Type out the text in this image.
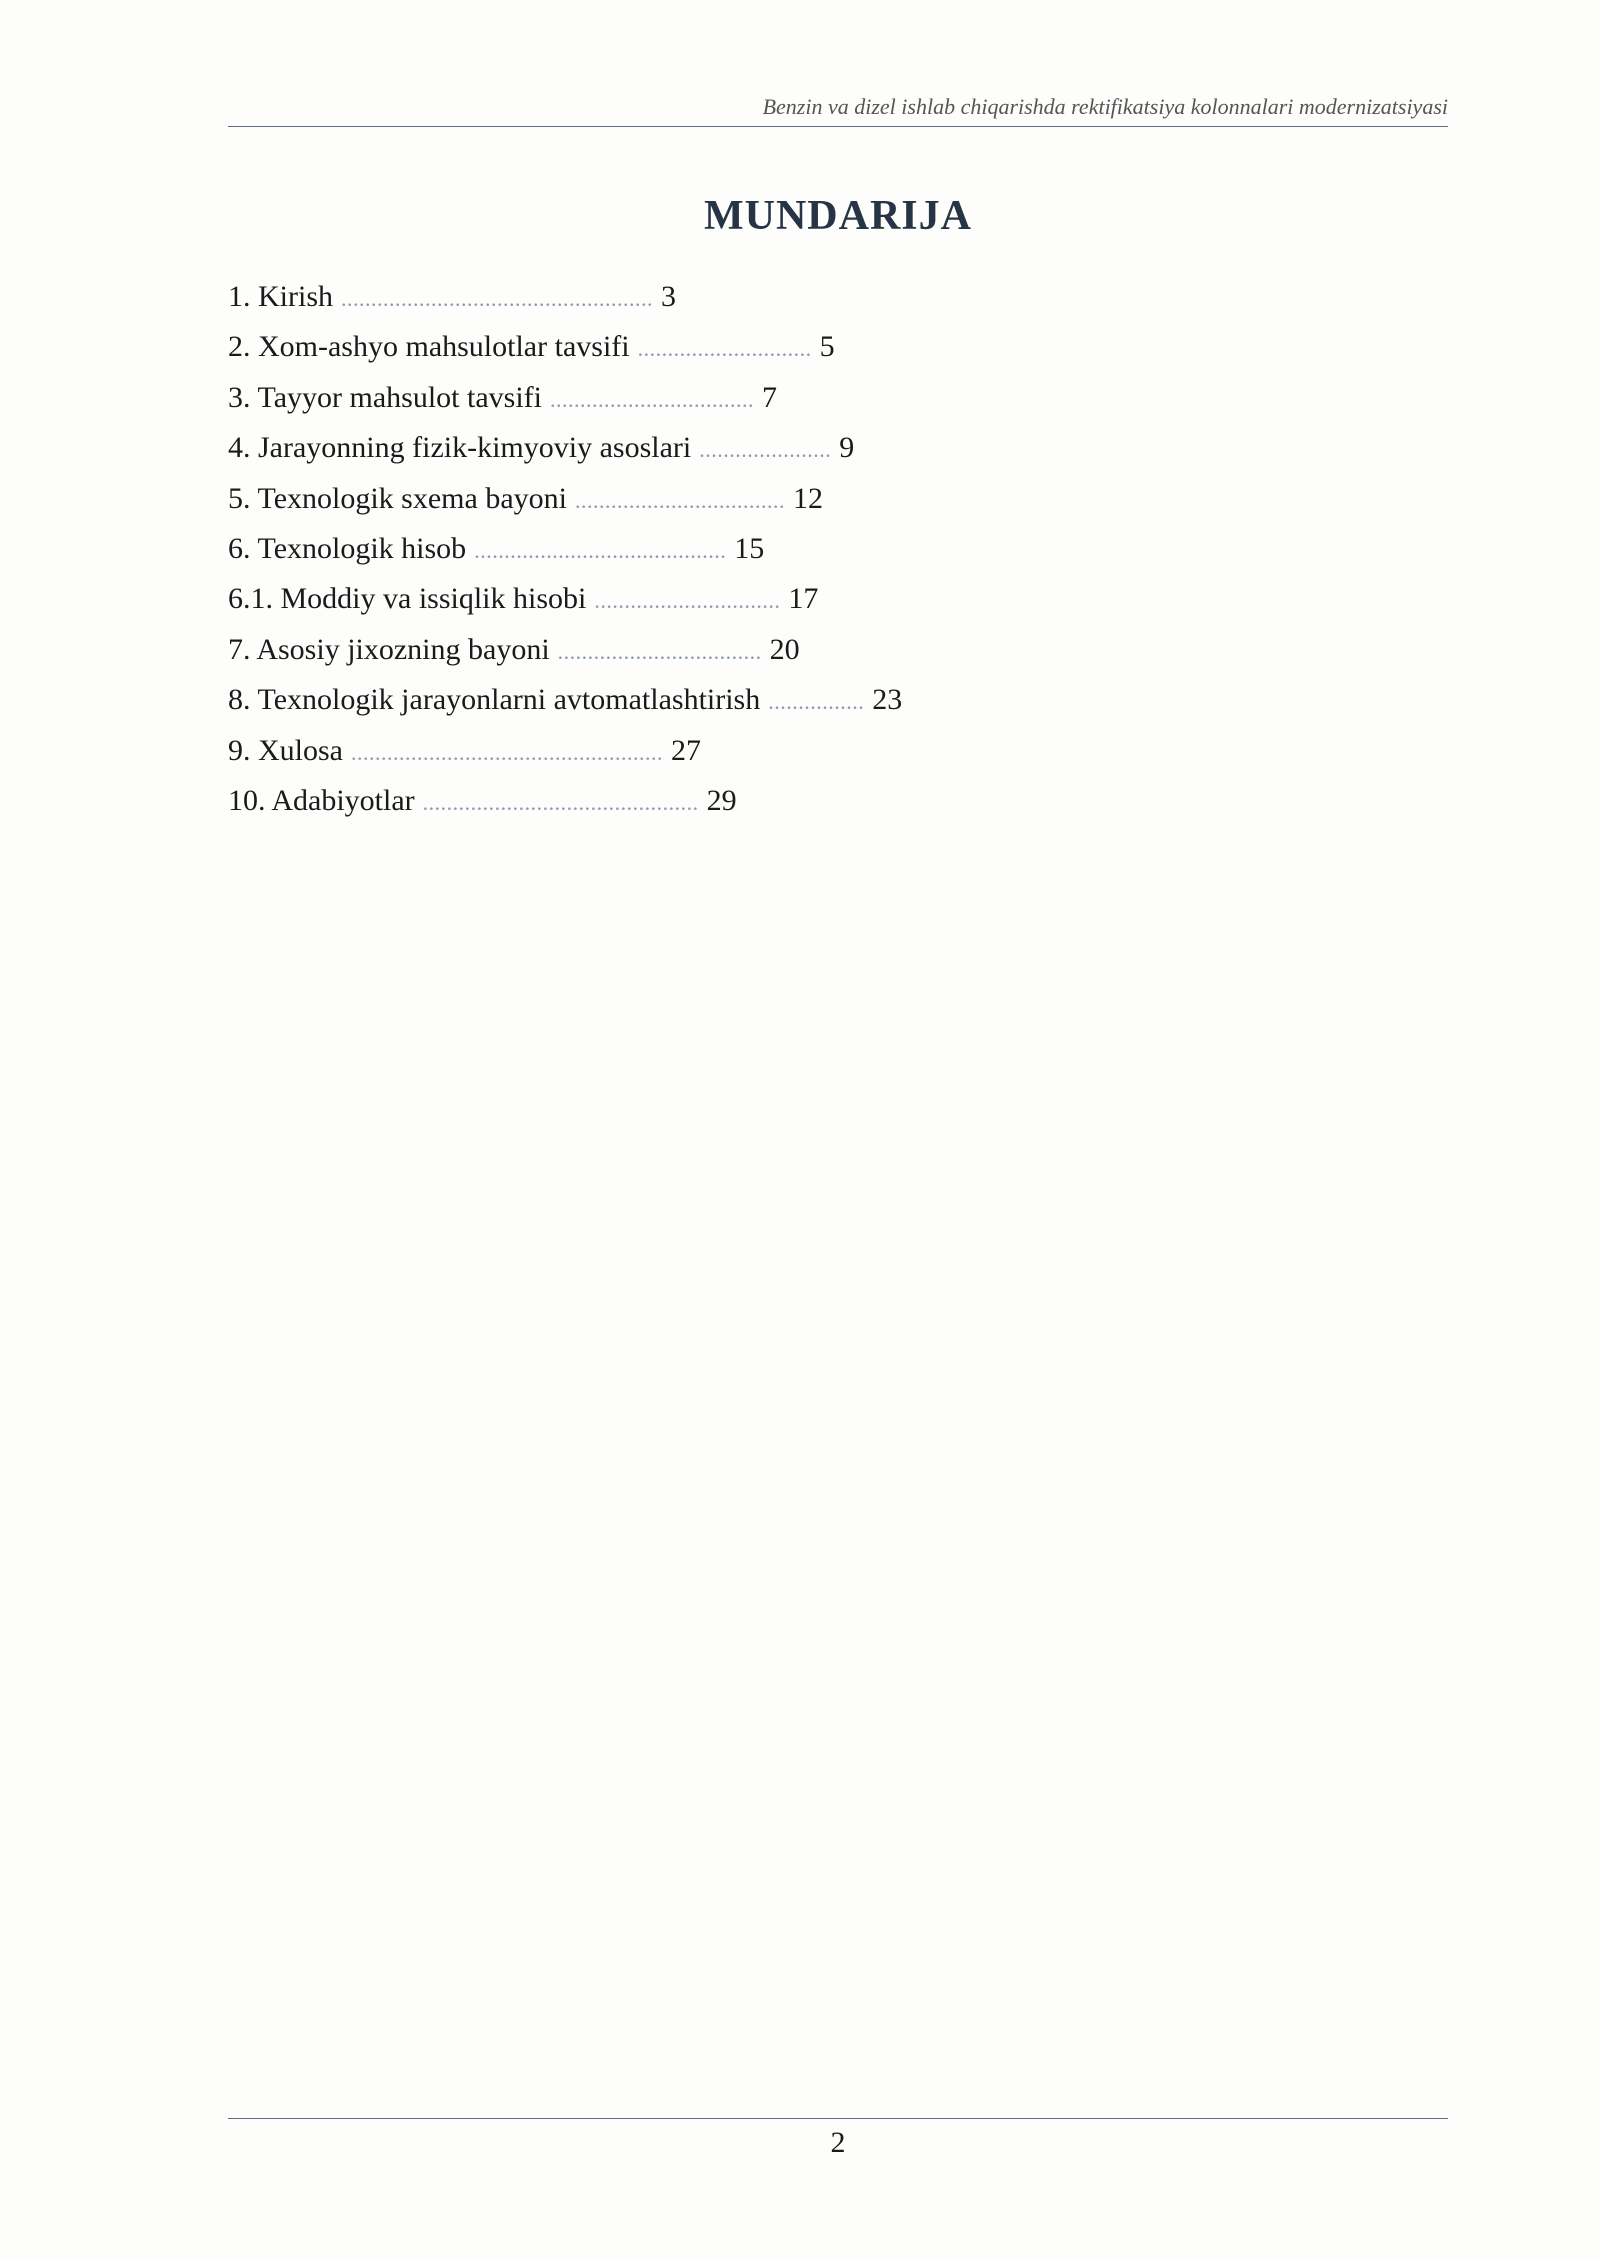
Benzin va dizel ishlab chiqarishda rektifikatsiya kolonnalari modernizatsiyasi
MUNDARIJA
1. Kirish .................................................... 3
2. Xom-ashyo mahsulotlar tavsifi ............................. 5
3. Tayyor mahsulot tavsifi .................................. 7
4. Jarayonning fizik-kimyoviy asoslari ...................... 9
5. Texnologik sxema bayoni ................................... 12
6. Texnologik hisob .......................................... 15
6.1. Moddiy va issiqlik hisobi ............................... 17
7. Asosiy jixozning bayoni .................................. 20
8. Texnologik jarayonlarni avtomatlashtirish ................ 23
9. Xulosa .................................................... 27
10. Adabiyotlar .............................................. 29
2
